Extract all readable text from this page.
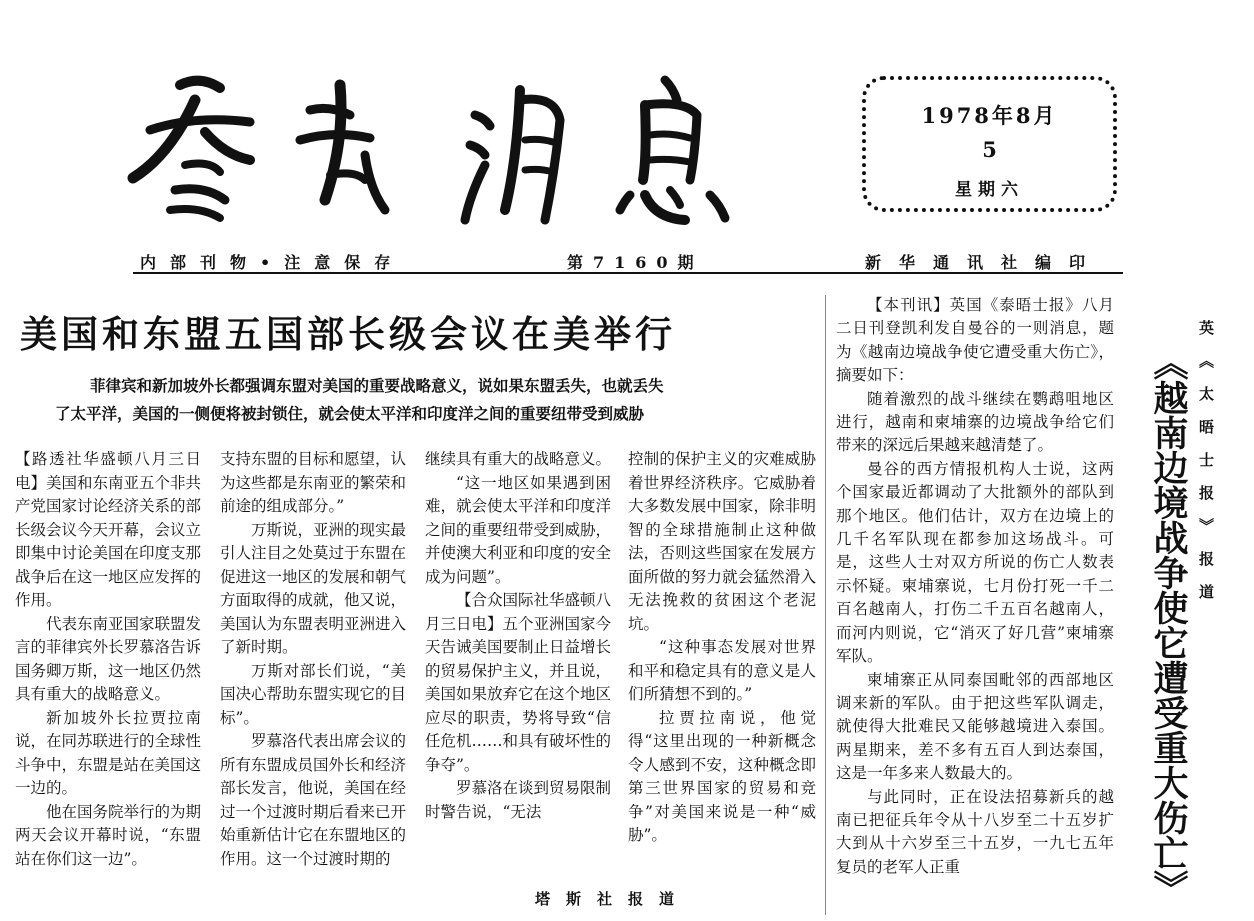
1978年8月
5
星期六
内部刊物•注意保存	第7160期	新华通讯社编印
美国和东盟五国部长级会议在美举行
菲律宾和新加坡外长都强调东盟对美国的重要战略意义，说如果东盟丢失，也就丢失
了太平洋，美国的一侧便将被封锁住，就会使太平洋和印度洋之间的重要纽带受到威胁

【路透社华盛顿八月三日电】美国和东南亚五个非共产党国家讨论经济关系的部长级会议今天开幕，会议立即集中讨论美国在印度支那战争后在这一地区应发挥的作用。

代表东南亚国家联盟发言的菲律宾外长罗慕洛告诉国务卿万斯，这一地区仍然具有重大的战略意义。

新加坡外长拉贾拉南说，在同苏联进行的全球性斗争中，东盟是站在美国这一边的。

他在国务院举行的为期两天会议开幕时说，“东盟站在你们这一边”。

支持东盟的目标和愿望，认为这些都是东南亚的繁荣和前途的组成部分。”

万斯说，亚洲的现实最引人注目之处莫过于东盟在促进这一地区的发展和朝气方面取得的成就，他又说，美国认为东盟表明亚洲进入了新时期。

万斯对部长们说，“美国决心帮助东盟实现它的目标”。

罗慕洛代表出席会议的所有东盟成员国外长和经济部长发言，他说，美国在经过一个过渡时期后看来已开始重新估计它在东盟地区的作用。这一个过渡时期的

继续具有重大的战略意义。

“这一地区如果遇到困难，就会使太平洋和印度洋之间的重要纽带受到威胁，并使澳大利亚和印度的安全成为问题”。

【合众国际社华盛顿八月三日电】五个亚洲国家今天告诫美国要制止日益增长的贸易保护主义，并且说，美国如果放弃它在这个地区应尽的职责，势将导致“信任危机……和具有破坏性的争夺”。

罗慕洛在谈到贸易限制时警告说，“无法

控制的保护主义的灾难威胁着世界经济秩序。它威胁着大多数发展中国家，除非明智的全球措施制止这种做法，否则这些国家在发展方面所做的努力就会猛然滑入无法挽救的贫困这个老泥坑。

“这种事态发展对世界和平和稳定具有的意义是人们所猜想不到的。”

拉贾拉南说，他觉得“这里出现的一种新概念令人感到不安，这种概念即第三世界国家的贸易和竞争”对美国来说是一种“威胁”。

塔斯社报道

【本刊讯】英国《泰晤士报》八月二日刊登凯利发自曼谷的一则消息，题为《越南边境战争使它遭受重大伤亡》，摘要如下：

随着激烈的战斗继续在鹦鹉咀地区进行，越南和柬埔寨的边境战争给它们带来的深远后果越来越清楚了。

曼谷的西方情报机构人士说，这两个国家最近都调动了大批额外的部队到那个地区。他们估计，双方在边境上的几千名军队现在都参加这场战斗。可是，这些人士对双方所说的伤亡人数表示怀疑。柬埔寨说，七月份打死一千二百名越南人，打伤二千五百名越南人，而河内则说，它“消灭了好几营”柬埔寨军队。

柬埔寨正从同泰国毗邻的西部地区调来新的军队。由于把这些军队调走，就使得大批难民又能够越境进入泰国。两星期来，差不多有五百人到达泰国，这是一年多来人数最大的。

与此同时，正在设法招募新兵的越南已把征兵年令从十八岁至二十五岁扩大到从十六岁至三十五岁，一九七五年复员的老军人正重	《越南边境战争使它遭受重大伤亡》 英《太晤士报》报道
